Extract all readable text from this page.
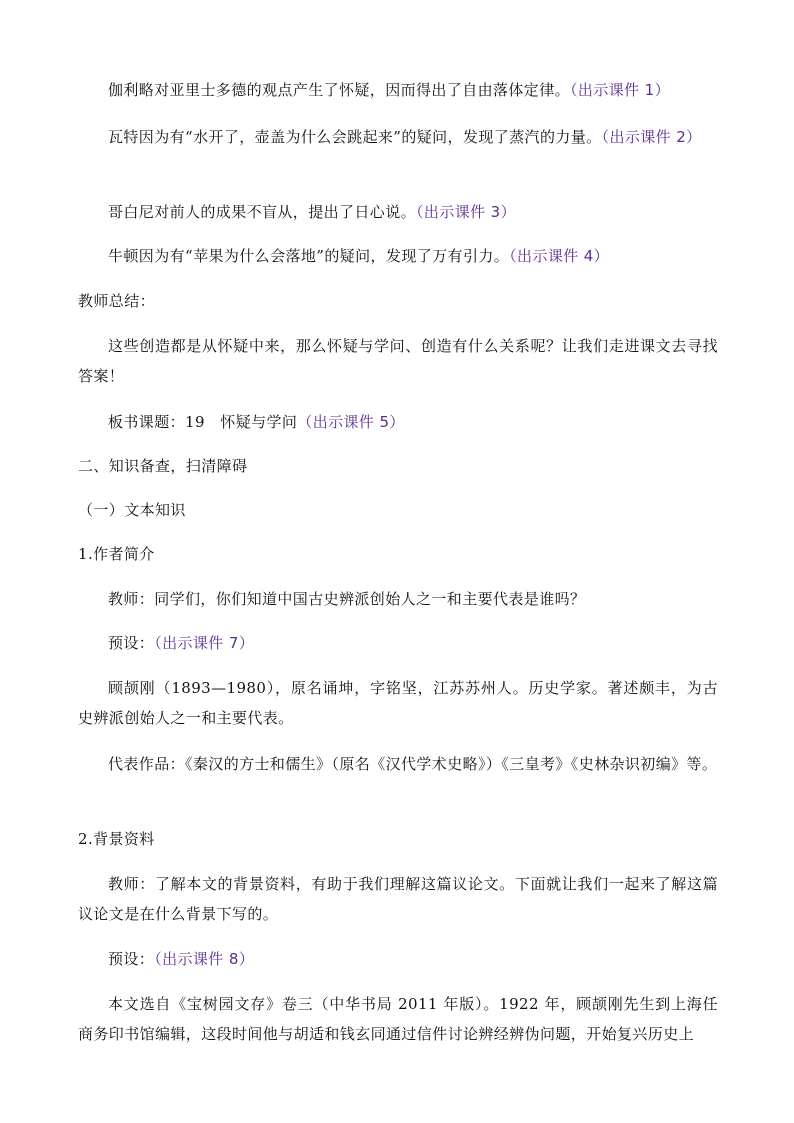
伽利略对亚里士多德的观点产生了怀疑，因而得出了自由落体定律。（出示课件 1）
瓦特因为有“水开了，壶盖为什么会跳起来”的疑问，发现了蒸汽的力量。（出示课件 2）
哥白尼对前人的成果不盲从，提出了日心说。（出示课件 3）
牛顿因为有“苹果为什么会落地”的疑问，发现了万有引力。（出示课件 4）
教师总结：
这些创造都是从怀疑中来，那么怀疑与学问、创造有什么关系呢？让我们走进课文去寻找答案！
板书课题：19　怀疑与学问（出示课件 5）
二、知识备查，扫清障碍
（一）文本知识
1.作者简介
教师：同学们，你们知道中国古史辨派创始人之一和主要代表是谁吗？
预设：（出示课件 7）
顾颉刚（1893—1980），原名诵坤，字铭坚，江苏苏州人。历史学家。著述颇丰，为古史辨派创始人之一和主要代表。
代表作品：《秦汉的方士和儒生》（原名《汉代学术史略》）《三皇考》《史林杂识初编》等。
2.背景资料
教师：了解本文的背景资料，有助于我们理解这篇议论文。下面就让我们一起来了解这篇议论文是在什么背景下写的。
预设：（出示课件 8）
本文选自《宝树园文存》卷三（中华书局 2011 年版）。1922 年，顾颉刚先生到上海任商务印书馆编辑，这段时间他与胡适和钱玄同通过信件讨论辨经辨伪问题，开始复兴历史上
